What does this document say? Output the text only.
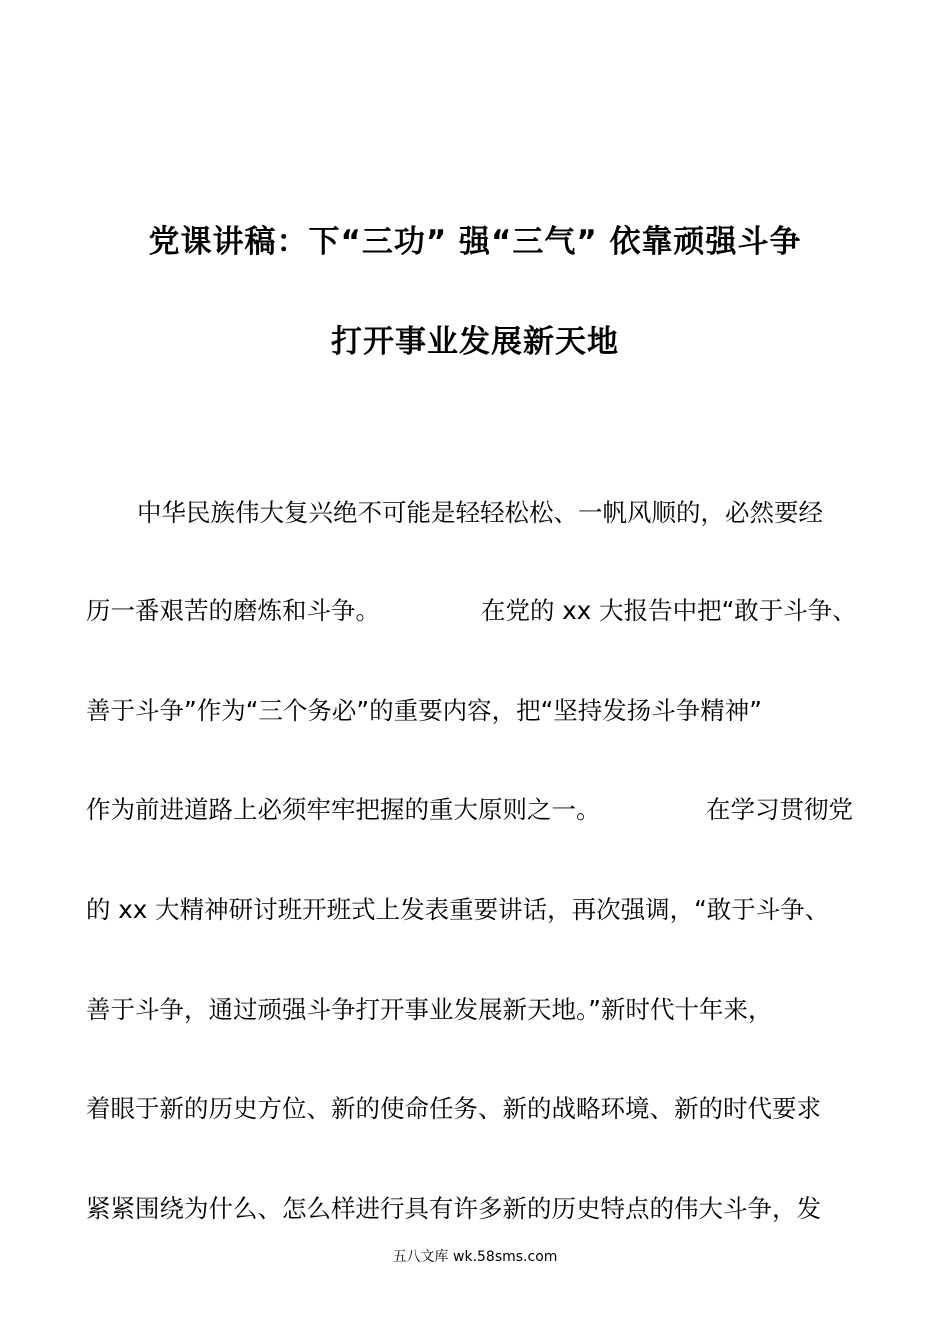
党课讲稿：下“三功” 强“三气” 依靠顽强斗争
打开事业发展新天地
中华民族伟大复兴绝不可能是轻轻松松、一帆风顺的，必然要经
历一番艰苦的磨炼和斗争。	在党的 xx 大报告中把“敢于斗争、
善于斗争”作为“三个务必”的重要内容，把“坚持发扬斗争精神”
作为前进道路上必须牢牢把握的重大原则之一。	在学习贯彻党
的 xx 大精神研讨班开班式上发表重要讲话，再次强调，“敢于斗争、
善于斗争，通过顽强斗争打开事业发展新天地。”新时代十年来，
着眼于新的历史方位、新的使命任务、新的战略环境、新的时代要求
紧紧围绕为什么、怎么样进行具有许多新的历史特点的伟大斗争，发
五八文库 wk.58sms.com
